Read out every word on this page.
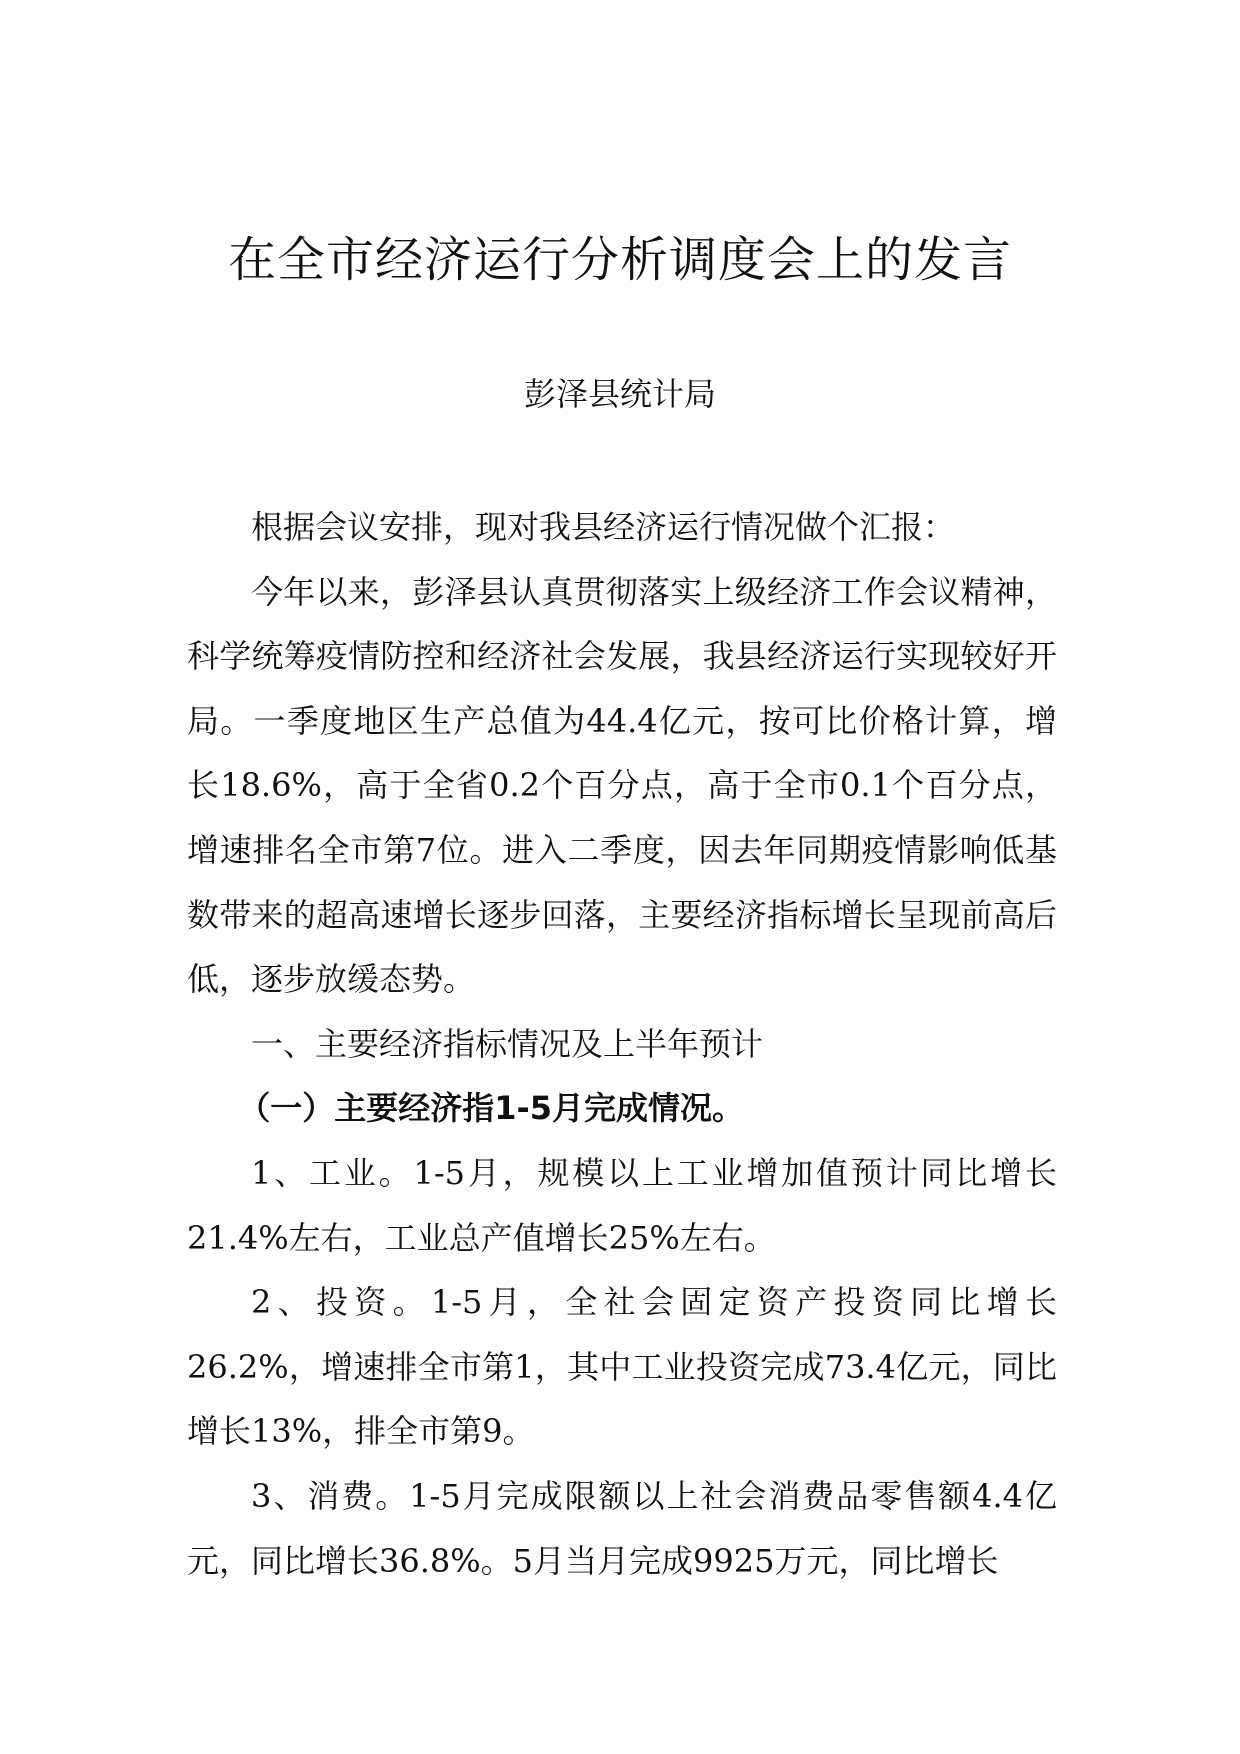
在全市经济运行分析调度会上的发言
彭泽县统计局

根据会议安排，现对我县经济运行情况做个汇报：

今年以来，彭泽县认真贯彻落实上级经济工作会议精神，科学统筹疫情防控和经济社会发展，我县经济运行实现较好开局。一季度地区生产总值为44.4亿元，按可比价格计算，增长18.6%，高于全省0.2个百分点，高于全市0.1个百分点，增速排名全市第7位。进入二季度，因去年同期疫情影响低基数带来的超高速增长逐步回落，主要经济指标增长呈现前高后低，逐步放缓态势。

一、主要经济指标情况及上半年预计

（一）主要经济指1-5月完成情况。

1、工业。1-5月，规模以上工业增加值预计同比增长21.4%左右，工业总产值增长25%左右。

2、投资。1-5月，全社会固定资产投资同比增长26.2%，增速排全市第1，其中工业投资完成73.4亿元，同比增长13%，排全市第9。

3、消费。1-5月完成限额以上社会消费品零售额4.4亿元，同比增长36.8%。5月当月完成9925万元，同比增长
